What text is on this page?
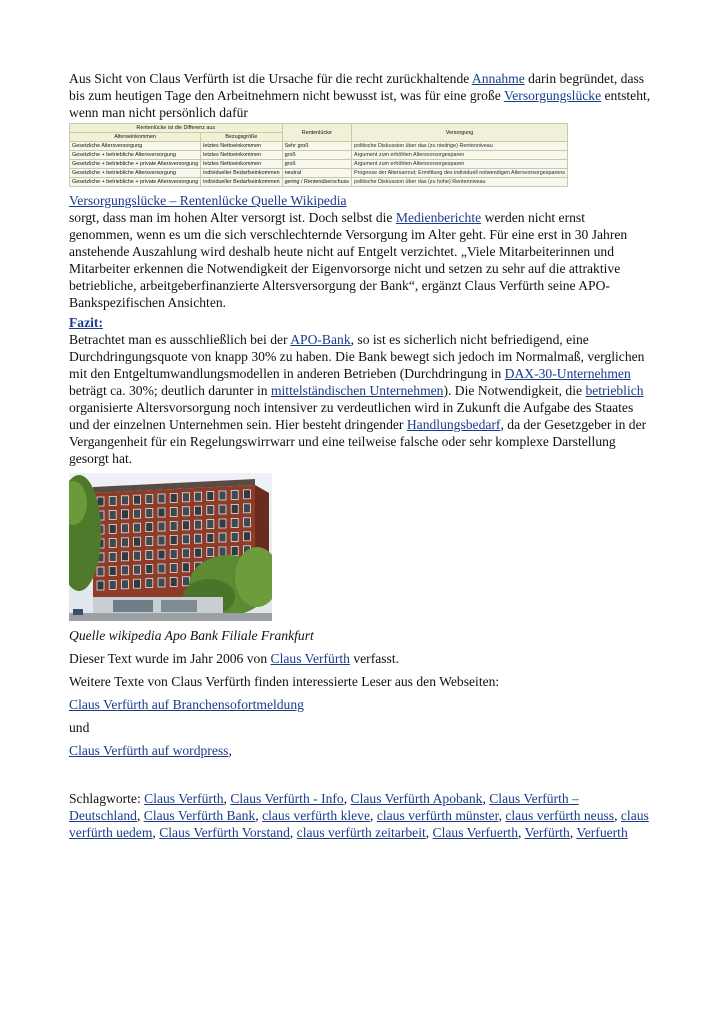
Aus Sicht von Claus Verfürth ist die Ursache für die recht zurückhaltende Annahme darin begründet, dass bis zum heutigen Tage den Arbeitnehmern nicht bewusst ist, was für eine große Versorgungslücke entsteht, wenn man nicht persönlich dafür

Rentenlücke ist die Differenz aus		Rentenlücke	Versorgung
Alterseinkommen	Bezugsgröße		
Gesetzliche Altersversorgung	letztes Nettoeinkommen	Sehr groß	politische Diskussion über das (zu niedrige) Rentenniveau
Gesetzliche + betriebliche Altersversorgung	letztes Nettoeinkommen	groß	Argument zum erhöhten Altersvorsorgesparen
Gesetzliche + betriebliche + private Altersversorgung	letztes Nettoeinkommen	groß	Argument zum erhöhten Altersvorsorgesparen
Gesetzliche + betriebliche Altersversorgung	individueller Bedarfseinkommen	neutral	Prognose der Altersarmut; Ermittlung des individuell notwendigen Altersvorsorgesparens
Gesetzliche + betriebliche + private Altersversorgung	individueller Bedarfseinkommen	gering / Rentenüberschuss	politische Diskussion über das (zu hohe) Rentenniveau

Versorgungslücke – Rentenlücke Quelle Wikipedia

sorgt, dass man im hohen Alter versorgt ist. Doch selbst die Medienberichte werden nicht ernst genommen, wenn es um die sich verschlechternde Versorgung im Alter geht. Für eine erst in 30 Jahren anstehende Auszahlung wird deshalb heute nicht auf Entgelt verzichtet. „Viele Mitarbeiterinnen und Mitarbeiter erkennen die Notwendigkeit der Eigenvorsorge nicht und setzen zu sehr auf die attraktive betriebliche, arbeitgeberfinanzierte Altersversorgung der Bank“, ergänzt Claus Verfürth seine APO-Bankspezifischen Ansichten.

Fazit:

Betrachtet man es ausschließlich bei der APO-Bank, so ist es sicherlich nicht befriedigend, eine Durchdringungsquote von knapp 30% zu haben. Die Bank bewegt sich jedoch im Normalmaß, verglichen mit den Entgeltumwandlungsmodellen in anderen Betrieben (Durchdringung in DAX-30-Unternehmen beträgt ca. 30%; deutlich darunter in mittelständischen Unternehmen). Die Notwendigkeit, die betrieblich organisierte Altersvorsorgung noch intensiver zu verdeutlichen wird in Zukunft die Aufgabe des Staates und der einzelnen Unternehmen sein. Hier besteht dringender Handlungsbedarf, da der Gesetzgeber in der Vergangenheit für ein Regelungswirrwarr und eine teilweise falsche oder sehr komplexe Darstellung gesorgt hat.

Quelle wikipedia Apo Bank Filiale Frankfurt

Dieser Text wurde im Jahr 2006 von Claus Verfürth verfasst.

Weitere Texte von Claus Verfürth finden interessierte Leser aus den Webseiten:

Claus Verfürth auf Branchensofortmeldung

und

Claus Verfürth auf wordpress,

Schlagworte: Claus Verfürth, Claus Verfürth - Info, Claus Verfürth Apobank, Claus Verfürth – Deutschland, Claus Verfürth Bank, claus verfürth kleve, claus verfürth münster, claus verfürth neuss, claus verfürth uedem, Claus Verfürth Vorstand, claus verfürth zeitarbeit, Claus Verfuerth, Verfürth, Verfuerth
